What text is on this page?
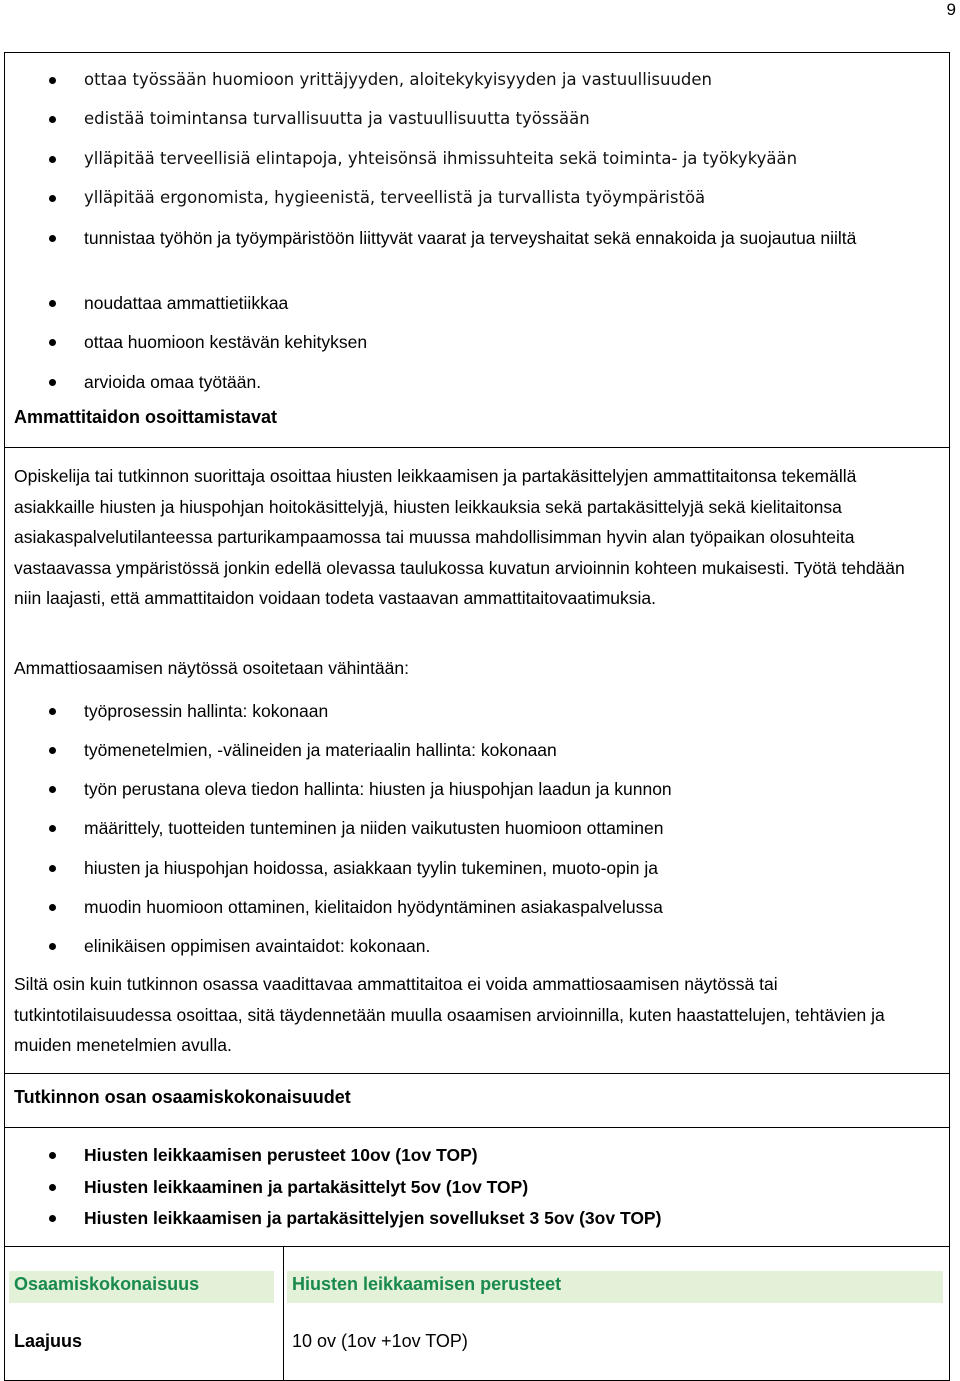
9
ottaa työssään huomioon yrittäjyyden, aloitekykyisyyden ja vastuullisuuden
edistää toimintansa turvallisuutta ja vastuullisuutta työssään
ylläpitää terveellisiä elintapoja, yhteisönsä ihmissuhteita sekä toiminta- ja työkykyään
ylläpitää ergonomista, hygieenistä, terveellistä ja turvallista työympäristöä
tunnistaa työhön ja työympäristöön liittyvät vaarat ja terveyshaitat sekä ennakoida ja suojautua niiltä
noudattaa ammattietiikkaa
ottaa huomioon kestävän kehityksen
arvioida omaa työtään.
Ammattitaidon osoittamistavat
Opiskelija tai tutkinnon suorittaja osoittaa hiusten leikkaamisen ja partakäsittelyjen ammattitaitonsa tekemällä asiakkaille hiusten ja hiuspohjan hoitokäsittelyjä, hiusten leikkauksia sekä partakäsittelyjä sekä kielitaitonsa asiakaspalvelutilanteessa parturikampaamossa tai muussa mahdollisimman hyvin alan työpaikan olosuhteita vastaavassa ympäristössä jonkin edellä olevassa taulukossa kuvatun arvioinnin kohteen mukaisesti. Työtä tehdään niin laajasti, että ammattitaidon voidaan todeta vastaavan ammattitaitovaatimuksia.
Ammattiosaamisen näytössä osoitetaan vähintään:
työprosessin hallinta: kokonaan
työmenetelmien, -välineiden ja materiaalin hallinta: kokonaan
työn perustana oleva tiedon hallinta: hiusten ja hiuspohjan laadun ja kunnon
määrittely, tuotteiden tunteminen ja niiden vaikutusten huomioon ottaminen
hiusten ja hiuspohjan hoidossa, asiakkaan tyylin tukeminen, muoto-opin ja
muodin huomioon ottaminen, kielitaidon hyödyntäminen asiakaspalvelussa
elinikäisen oppimisen avaintaidot: kokonaan.
Siltä osin kuin tutkinnon osassa vaadittavaa ammattitaitoa ei voida ammattiosaamisen näytössä tai tutkintotilaisuudessa osoittaa, sitä täydennetään muulla osaamisen arvioinnilla, kuten haastattelujen, tehtävien ja muiden menetelmien avulla.
Tutkinnon osan osaamiskokonaisuudet
Hiusten leikkaamisen perusteet 10ov (1ov TOP)
Hiusten leikkaaminen ja partakäsittelyt 5ov (1ov TOP)
Hiusten leikkaamisen ja partakäsittelyjen sovellukset 3 5ov (3ov TOP)
Osaamiskokonaisuus	Hiusten leikkaamisen perusteet
Laajuus	10 ov (1ov +1ov TOP)
